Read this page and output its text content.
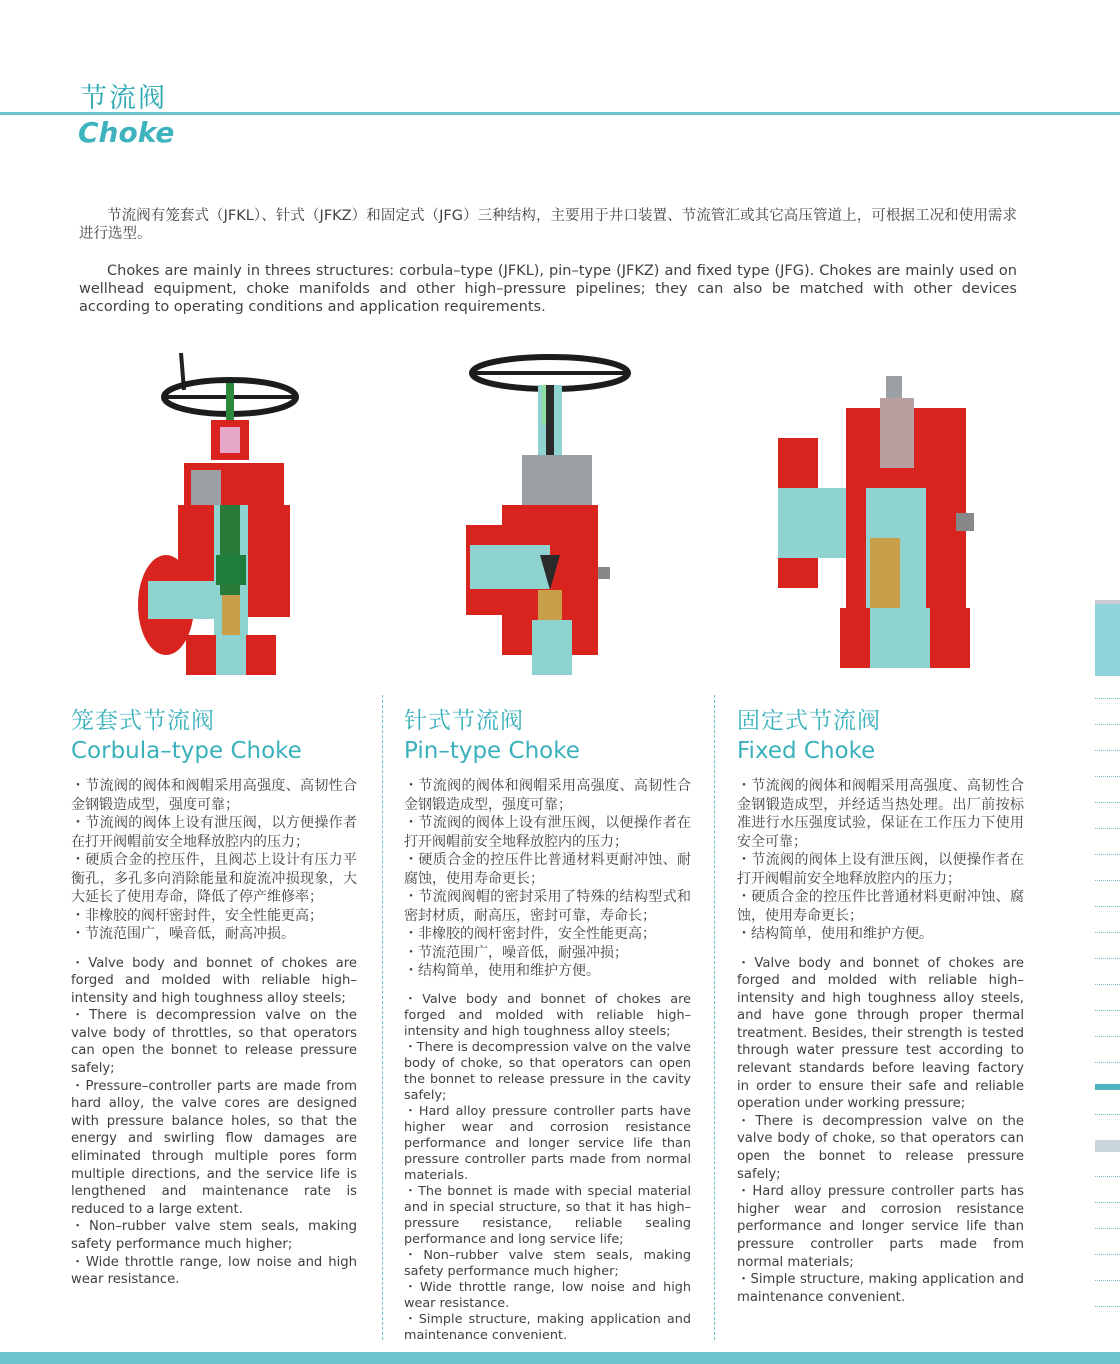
节流阀
Choke

节流阀有笼套式（JFKL）、针式（JFKZ）和固定式（JFG）三种结构，主要用于井口装置、节流管汇或其它高压管道上，可根据工况和使用需求进行选型。

Chokes are mainly in threes structures: corbula–type (JFKL), pin–type (JFKZ) and fixed type (JFG). Chokes are mainly used on wellhead equipment, choke manifolds and other high–pressure pipelines; they can also be matched with other devices according to operating conditions and application requirements.

笼套式节流阀
Corbula–type Choke

・节流阀的阀体和阀帽采用高强度、高韧性合金钢锻造成型，强度可靠；

・节流阀的阀体上设有泄压阀，以方便操作者在打开阀帽前安全地释放腔内的压力；

・硬质合金的控压件，且阀芯上设计有压力平衡孔，多孔多向消除能量和旋流冲损现象，大大延长了使用寿命，降低了停产维修率；

・非橡胶的阀杆密封件，安全性能更高；

・节流范围广，噪音低，耐高冲损。

・Valve body and bonnet of chokes are forged and molded with reliable high–intensity and high toughness alloy steels;

・There is decompression valve on the valve body of throttles, so that operators can open the bonnet to release pressure safely;

・Pressure–controller parts are made from hard alloy, the valve cores are designed with pressure balance holes, so that the energy and swirling flow damages are eliminated through multiple pores form multiple directions, and the service life is lengthened and maintenance rate is reduced to a large extent.

・Non–rubber valve stem seals, making safety performance much higher;

・Wide throttle range, low noise and high wear resistance.

针式节流阀
Pin–type Choke

・节流阀的阀体和阀帽采用高强度、高韧性合金钢锻造成型，强度可靠；

・节流阀的阀体上设有泄压阀，以便操作者在打开阀帽前安全地释放腔内的压力；

・硬质合金的控压件比普通材料更耐冲蚀、耐腐蚀，使用寿命更长；

・节流阀阀帽的密封采用了特殊的结构型式和密封材质，耐高压，密封可靠，寿命长；

・非橡胶的阀杆密封件，安全性能更高；

・节流范围广，噪音低，耐强冲损；

・结构简单，使用和维护方便。

・Valve body and bonnet of chokes are forged and molded with reliable high–intensity and high toughness alloy steels;

・There is decompression valve on the valve body of choke, so that operators can open the bonnet to release pressure in the cavity safely;

・Hard alloy pressure controller parts have higher wear and corrosion resistance performance and longer service life than pressure controller parts made from normal materials.

・The bonnet is made with special material and in special structure, so that it has high–pressure resistance, reliable sealing performance and long service life;

・Non–rubber valve stem seals, making safety performance much higher;

・Wide throttle range, low noise and high wear resistance.

・Simple structure, making application and maintenance convenient.

固定式节流阀
Fixed Choke

・节流阀的阀体和阀帽采用高强度、高韧性合金钢锻造成型，并经适当热处理。出厂前按标准进行水压强度试验，保证在工作压力下使用安全可靠；

・节流阀的阀体上设有泄压阀，以便操作者在打开阀帽前安全地释放腔内的压力；

・硬质合金的控压件比普通材料更耐冲蚀、腐蚀，使用寿命更长；

・结构简单，使用和维护方便。

・Valve body and bonnet of chokes are forged and molded with reliable high–intensity and high toughness alloy steels, and have gone through proper thermal treatment. Besides, their strength is tested through water pressure test according to relevant standards before leaving factory in order to ensure their safe and reliable operation under working pressure;

・There is decompression valve on the valve body of choke, so that operators can open the bonnet to release pressure safely;

・Hard alloy pressure controller parts has higher wear and corrosion resistance performance and longer service life than pressure controller parts made from normal materials;

・Simple structure, making application and maintenance convenient.
